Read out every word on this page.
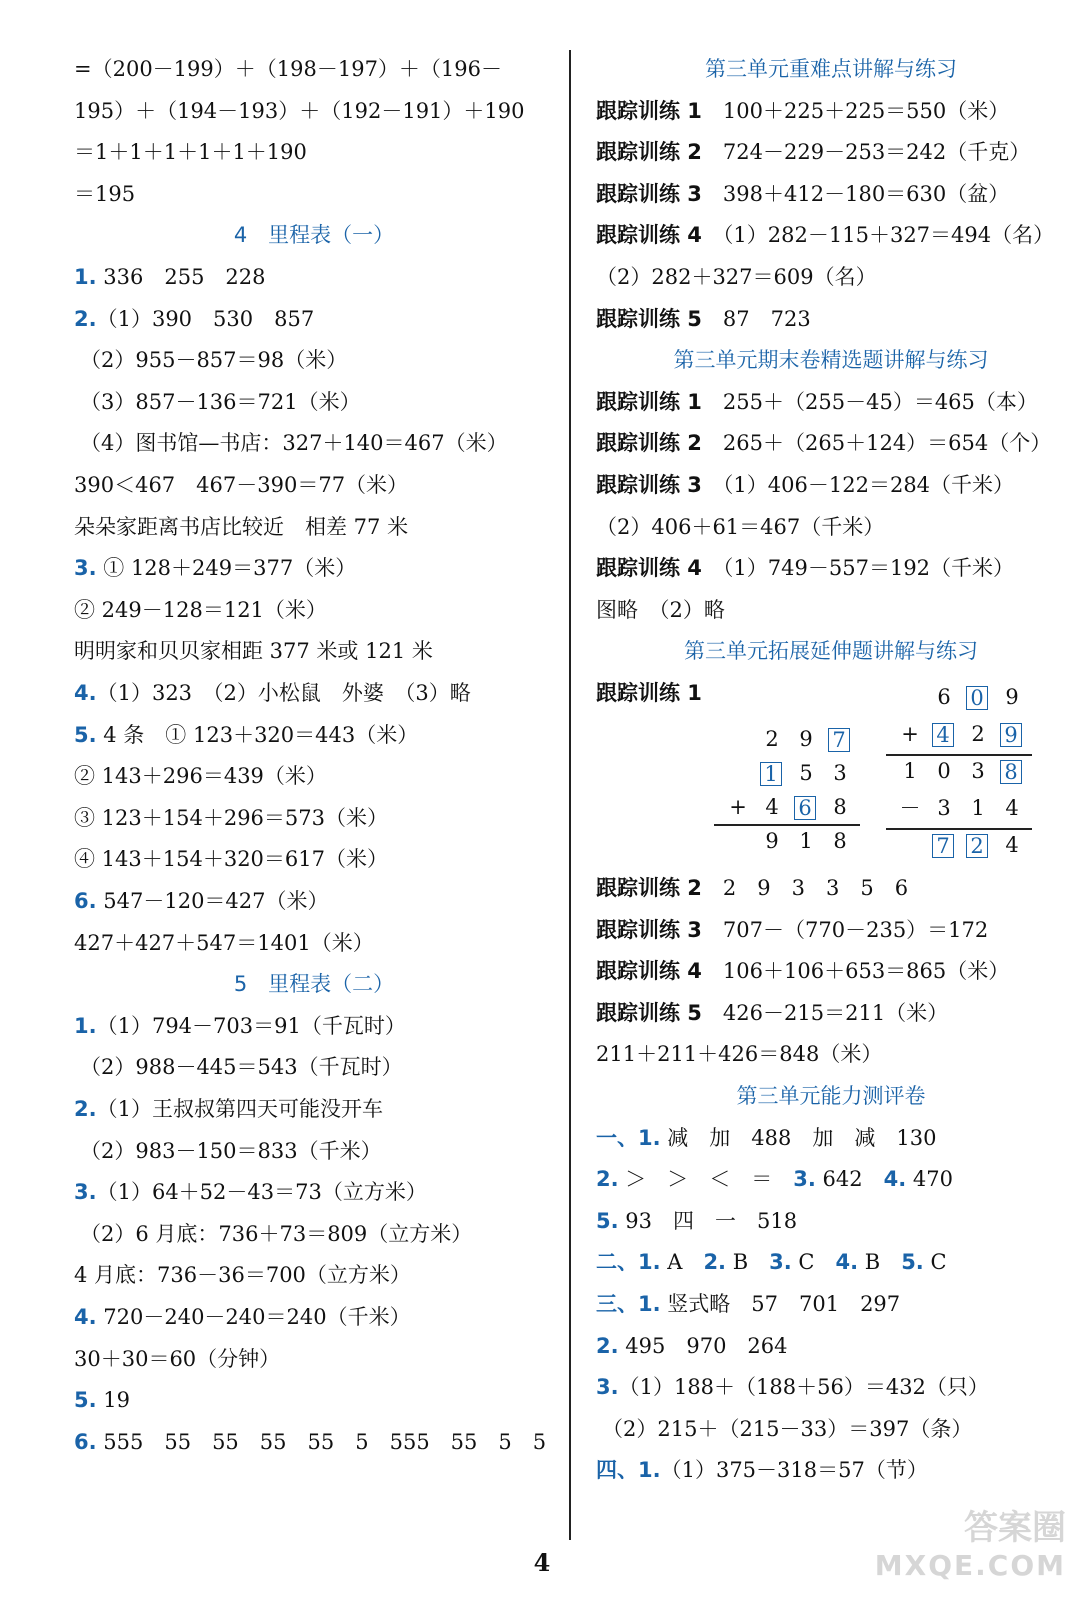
=（200－199）＋（198－197）＋（196－
195）＋（194－193）＋（192－191）＋190
＝1＋1＋1＋1＋1＋190
＝195
4　里程表（一）
1. 336　255　228
2.（1）390　530　857
（2）955－857＝98（米）
（3）857－136＝721（米）
（4）图书馆—书店：327＋140＝467（米）
390＜467　467－390＝77（米）
朵朵家距离书店比较近　相差 77 米
3. ① 128＋249＝377（米）
② 249－128＝121（米）
明明家和贝贝家相距 377 米或 121 米
4.（1）323　（2）小松鼠　外婆　（3）略
5. 4 条　① 123＋320＝443（米）
② 143＋296＝439（米）
③ 123＋154＋296＝573（米）
④ 143＋154＋320＝617（米）
6. 547－120＝427（米）
427＋427＋547＝1401（米）
5　里程表（二）
1.（1）794－703＝91（千瓦时）
（2）988－445＝543（千瓦时）
2.（1）王叔叔第四天可能没开车
（2）983－150＝833（千米）
3.（1）64＋52－43＝73（立方米）
（2）6 月底：736＋73＝809（立方米）
4 月底：736－36＝700（立方米）
4. 720－240－240＝240（千米）
30＋30＝60（分钟）
5. 19
6. 555　55　55　55　55　5　555　55　5　5
第三单元重难点讲解与练习
跟踪训练 1　100＋225＋225＝550（米）
跟踪训练 2　724－229－253＝242（千克）
跟踪训练 3　398＋412－180＝630（盆）
跟踪训练 4　（1）282－115＋327＝494（名）
（2）282＋327＝609（名）
跟踪训练 5　87　723
第三单元期末卷精选题讲解与练习
跟踪训练 1　255＋（255－45）＝465（本）
跟踪训练 2　265＋（265＋124）＝654（个）
跟踪训练 3　（1）406－122＝284（千米）
（2）406＋61＝467（千米）
跟踪训练 4　（1）749－557＝192（千米）
图略　（2）略
第三单元拓展延伸题讲解与练习
跟踪训练 1
2 9 7
1 5 3
+ 4 6 8
9 1 8
6 0 9
+ 4 2 9
1 0 3 8
－ 3 1 4
7 2 4
跟踪训练 2　2　9　3　3　5　6
跟踪训练 3　707－（770－235）＝172
跟踪训练 4　106＋106＋653＝865（米）
跟踪训练 5　426－215＝211（米）
211＋211＋426＝848（米）
第三单元能力测评卷
一、1. 减　加　488　加　减　130
2. ＞　＞　＜　＝　3. 642　4. 470
5. 93　四　一　518
二、1. A　2. B　3. C　4. B　5. C
三、1. 竖式略　57　701　297
2. 495　970　264
3.（1）188＋（188＋56）＝432（只）
（2）215＋（215－33）＝397（条）
四、1.（1）375－318＝57（节）
4
答案圈
MXQE.COM
